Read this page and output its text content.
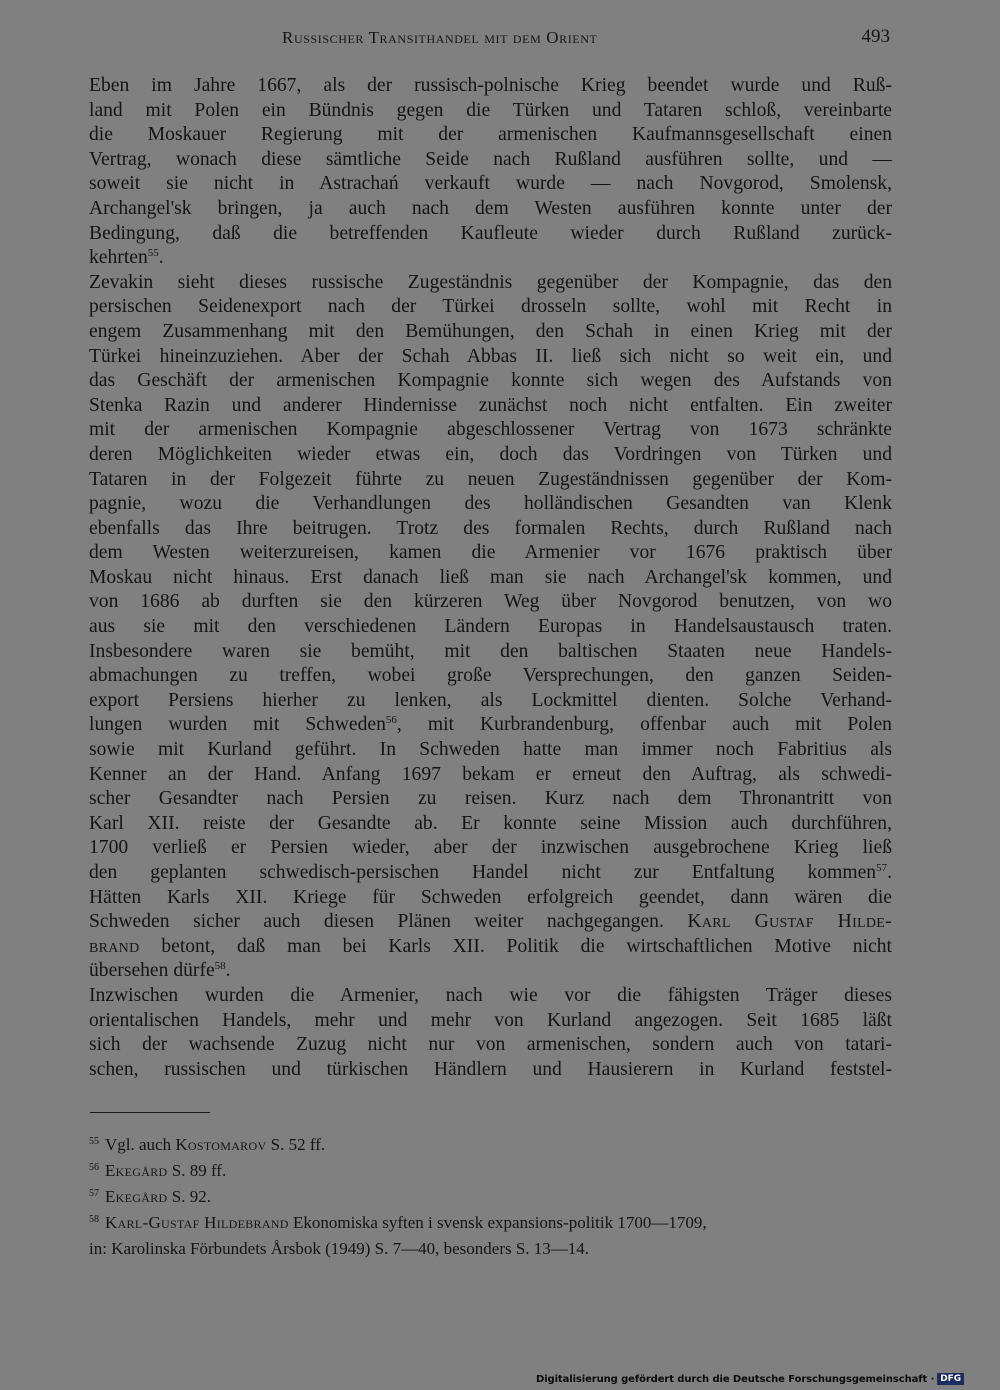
Russischer Transithandel mit dem Orient	493
Eben im Jahre 1667, als der russisch-polnische Krieg beendet wurde und Ruß-
land mit Polen ein Bündnis gegen die Türken und Tataren schloß, vereinbarte
die Moskauer Regierung mit der armenischen Kaufmannsgesellschaft einen
Vertrag, wonach diese sämtliche Seide nach Rußland ausführen sollte, und —
soweit sie nicht in Astrachań verkauft wurde — nach Novgorod, Smolensk,
Archangel'sk bringen, ja auch nach dem Westen ausführen konnte unter der
Bedingung, daß die betreffenden Kaufleute wieder durch Rußland zurück-
kehrten$^{55}$.
Zevakin sieht dieses russische Zugeständnis gegenüber der Kompagnie, das den
persischen Seidenexport nach der Türkei drosseln sollte, wohl mit Recht in
engem Zusammenhang mit den Bemühungen, den Schah in einen Krieg mit der
Türkei hineinzuziehen. Aber der Schah Abbas II. ließ sich nicht so weit ein, und
das Geschäft der armenischen Kompagnie konnte sich wegen des Aufstands von
Stenka Razin und anderer Hindernisse zunächst noch nicht entfalten. Ein zweiter
mit der armenischen Kompagnie abgeschlossener Vertrag von 1673 schränkte
deren Möglichkeiten wieder etwas ein, doch das Vordringen von Türken und
Tataren in der Folgezeit führte zu neuen Zugeständnissen gegenüber der Kom-
pagnie, wozu die Verhandlungen des holländischen Gesandten van Klenk
ebenfalls das Ihre beitrugen. Trotz des formalen Rechts, durch Rußland nach
dem Westen weiterzureisen, kamen die Armenier vor 1676 praktisch über
Moskau nicht hinaus. Erst danach ließ man sie nach Archangel'sk kommen, und
von 1686 ab durften sie den kürzeren Weg über Novgorod benutzen, von wo
aus sie mit den verschiedenen Ländern Europas in Handelsaustausch traten.
Insbesondere waren sie bemüht, mit den baltischen Staaten neue Handels-
abmachungen zu treffen, wobei große Versprechungen, den ganzen Seiden-
export Persiens hierher zu lenken, als Lockmittel dienten. Solche Verhand-
lungen wurden mit Schweden$^{56}$, mit Kurbrandenburg, offenbar auch mit Polen
sowie mit Kurland geführt. In Schweden hatte man immer noch Fabritius als
Kenner an der Hand. Anfang 1697 bekam er erneut den Auftrag, als schwedi-
scher Gesandter nach Persien zu reisen. Kurz nach dem Thronantritt von
Karl XII. reiste der Gesandte ab. Er konnte seine Mission auch durchführen,
1700 verließ er Persien wieder, aber der inzwischen ausgebrochene Krieg ließ
den geplanten schwedisch-persischen Handel nicht zur Entfaltung kommen$^{57}$.
Hätten Karls XII. Kriege für Schweden erfolgreich geendet, dann wären die
Schweden sicher auch diesen Plänen weiter nachgegangen. Karl Gustaf Hilde-
brand betont, daß man bei Karls XII. Politik die wirtschaftlichen Motive nicht
übersehen dürfe$^{58}$.
Inzwischen wurden die Armenier, nach wie vor die fähigsten Träger dieses
orientalischen Handels, mehr und mehr von Kurland angezogen. Seit 1685 läßt
sich der wachsende Zuzug nicht nur von armenischen, sondern auch von tatari-
schen, russischen und türkischen Händlern und Hausierern in Kurland feststel-
$^{55}$ Vgl. auch Kostomarov S. 52 ff.
$^{56}$ Ekegård S. 89 ff.
$^{57}$ Ekegård S. 92.
$^{58}$ Karl-Gustaf Hildebrand Ekonomiska syften i svensk expansions-politik 1700—1709,
in: Karolinska Förbundets Årsbok (1949) S. 7—40, besonders S. 13—14.
Digitalisierung gefördert durch die Deutsche Forschungsgemeinschaft · DFG
